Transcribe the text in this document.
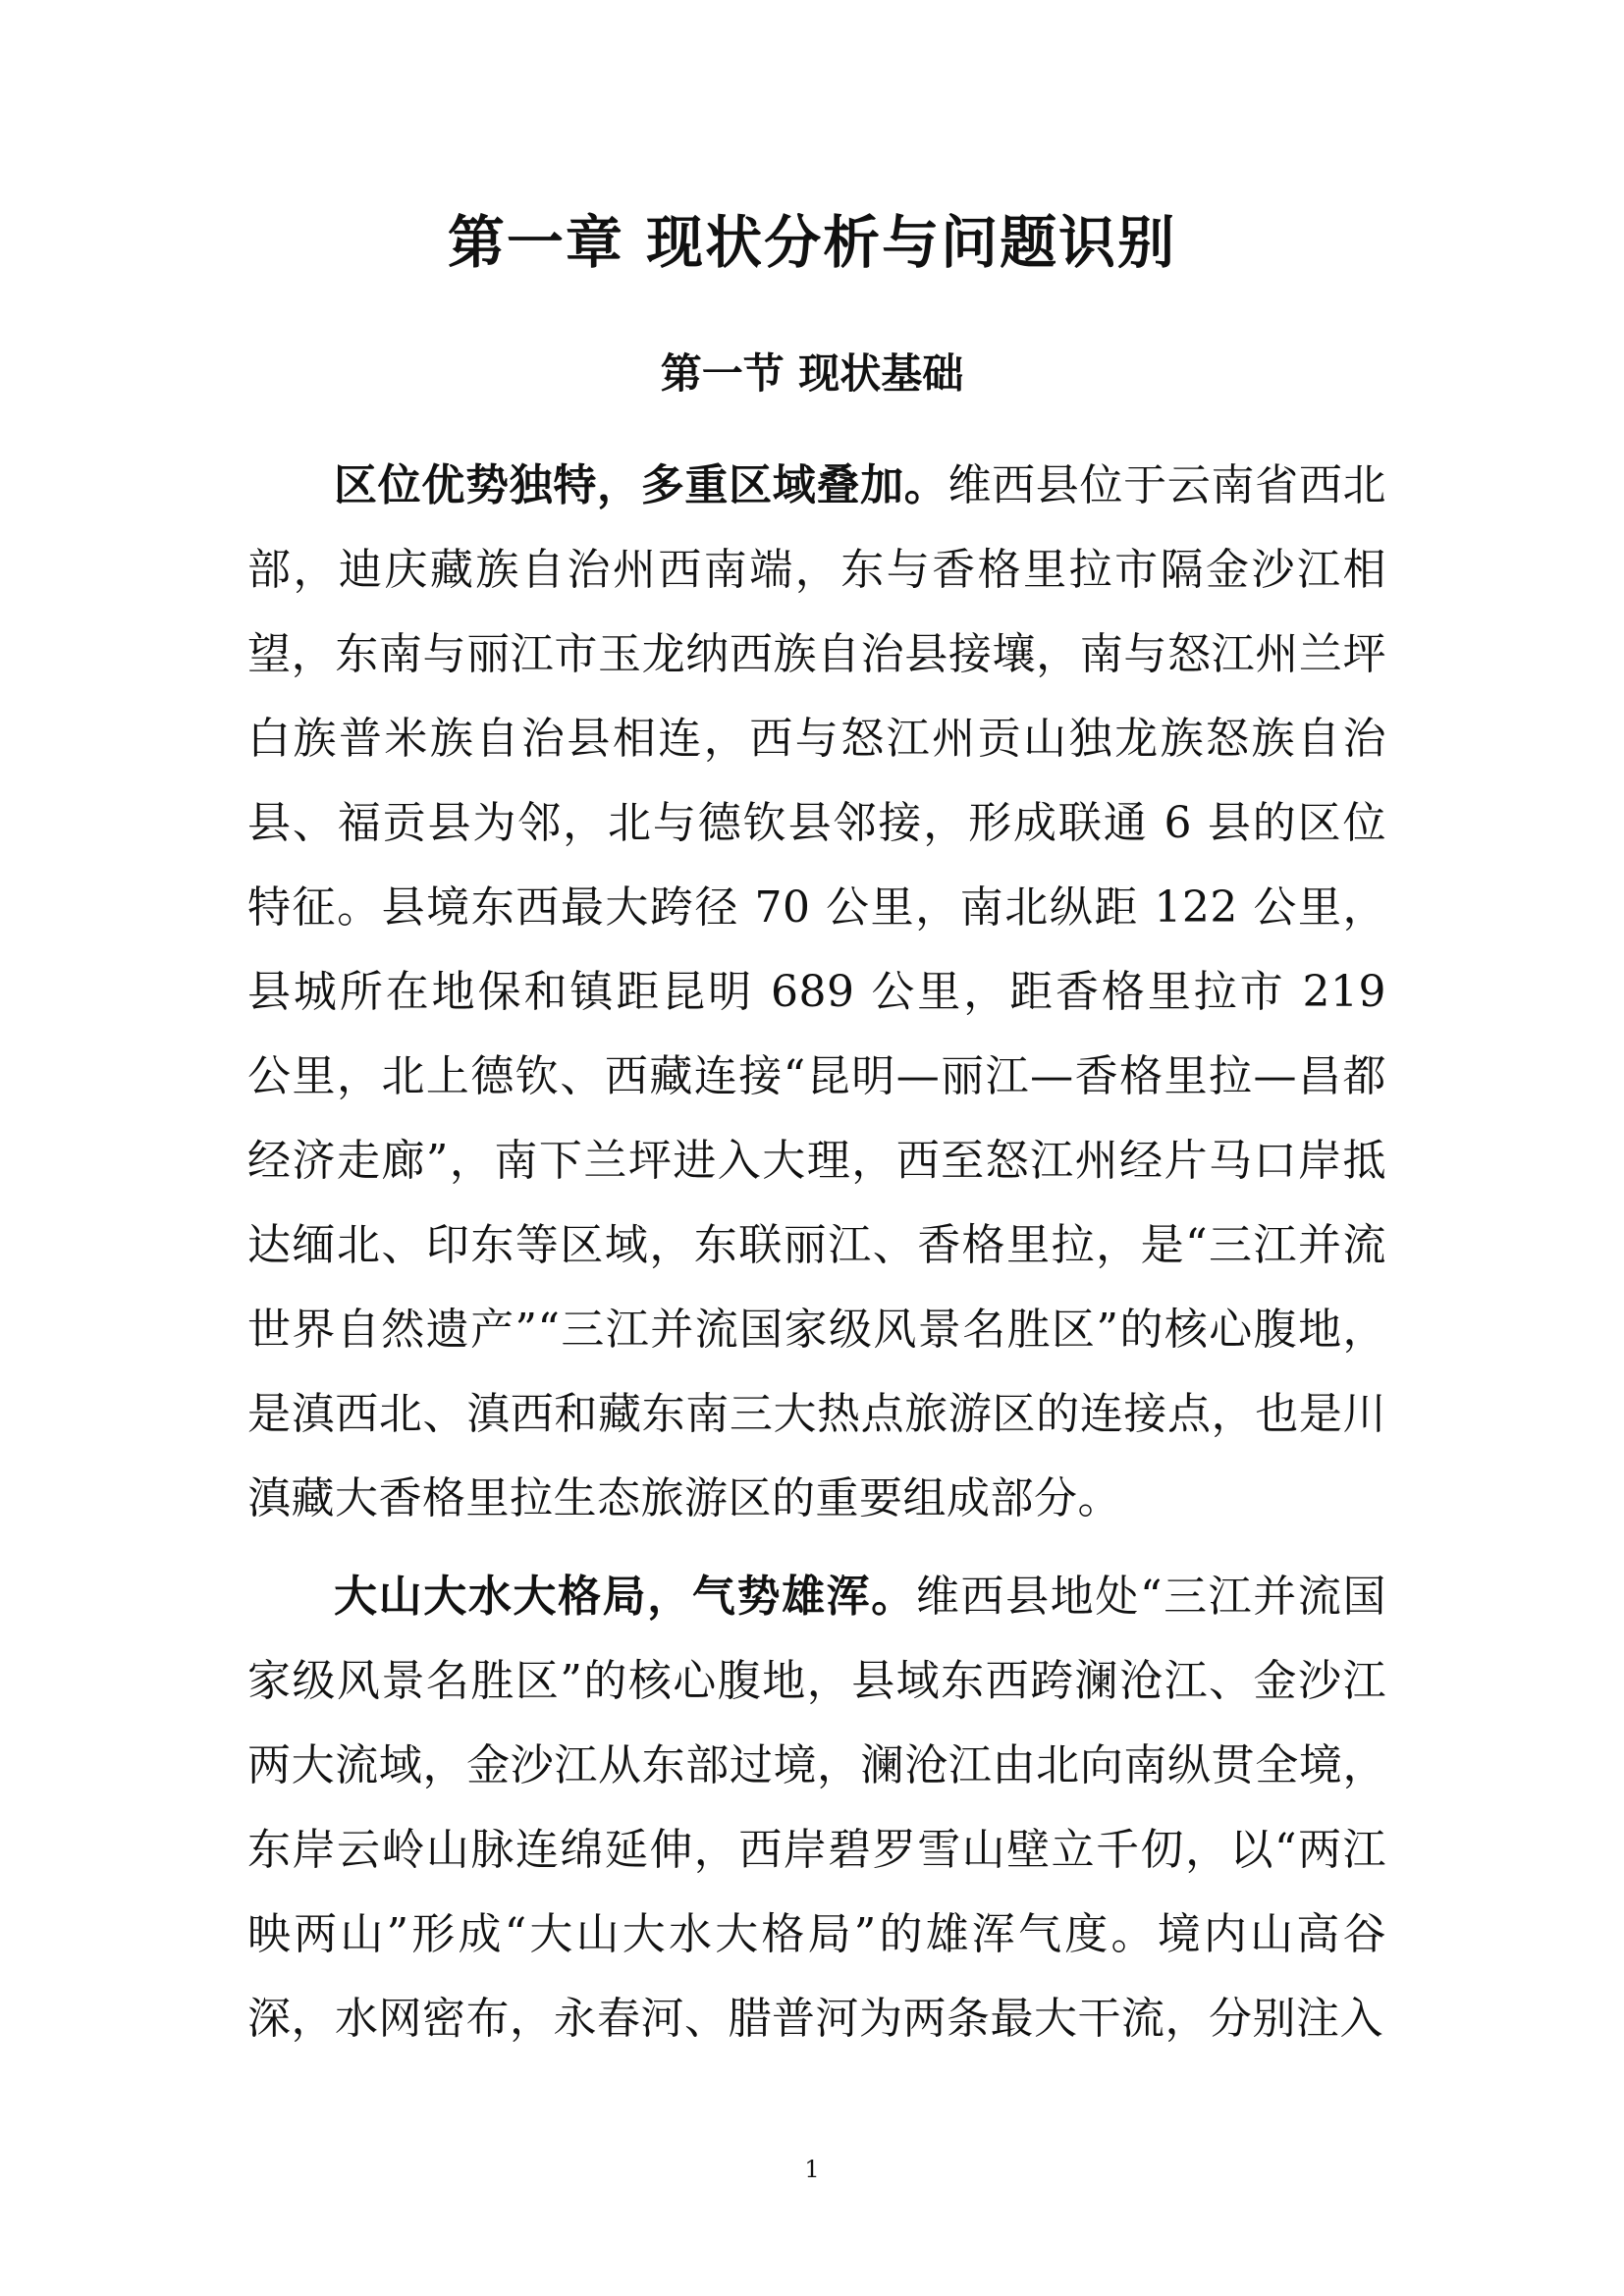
第一章 现状分析与问题识别
第一节 现状基础

区位优势独特，多重区域叠加。维西县位于云南省西北部，迪庆藏族自治州西南端，东与香格里拉市隔金沙江相望，东南与丽江市玉龙纳西族自治县接壤，南与怒江州兰坪白族普米族自治县相连，西与怒江州贡山独龙族怒族自治县、福贡县为邻，北与德钦县邻接，形成联通 6 县的区位特征。县境东西最大跨径 70 公里，南北纵距 122 公里，县城所在地保和镇距昆明 689 公里，距香格里拉市 219 公里，北上德钦、西藏连接“昆明—丽江—香格里拉—昌都经济走廊”，南下兰坪进入大理，西至怒江州经片马口岸抵达缅北、印东等区域，东联丽江、香格里拉，是“三江并流世界自然遗产”“三江并流国家级风景名胜区”的核心腹地，是滇西北、滇西和藏东南三大热点旅游区的连接点，也是川滇藏大香格里拉生态旅游区的重要组成部分。

大山大水大格局，气势雄浑。维西县地处“三江并流国家级风景名胜区”的核心腹地，县域东西跨澜沧江、金沙江两大流域，金沙江从东部过境，澜沧江由北向南纵贯全境，东岸云岭山脉连绵延伸，西岸碧罗雪山壁立千仞，以“两江映两山”形成“大山大水大格局”的雄浑气度。境内山高谷深，水网密布，永春河、腊普河为两条最大干流，分别注入

1
